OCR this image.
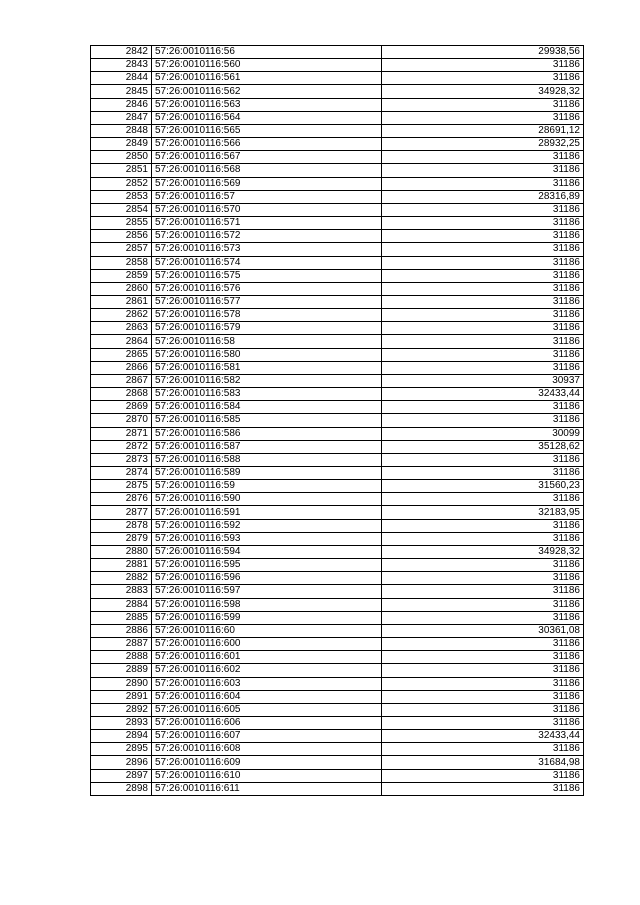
2842	57:26:0010116:56	29938,56
2843	57:26:0010116:560	31186
2844	57:26:0010116:561	31186
2845	57:26:0010116:562	34928,32
2846	57:26:0010116:563	31186
2847	57:26:0010116:564	31186
2848	57:26:0010116:565	28691,12
2849	57:26:0010116:566	28932,25
2850	57:26:0010116:567	31186
2851	57:26:0010116:568	31186
2852	57:26:0010116:569	31186
2853	57:26:0010116:57	28316,89
2854	57:26:0010116:570	31186
2855	57:26:0010116:571	31186
2856	57:26:0010116:572	31186
2857	57:26:0010116:573	31186
2858	57:26:0010116:574	31186
2859	57:26:0010116:575	31186
2860	57:26:0010116:576	31186
2861	57:26:0010116:577	31186
2862	57:26:0010116:578	31186
2863	57:26:0010116:579	31186
2864	57:26:0010116:58	31186
2865	57:26:0010116:580	31186
2866	57:26:0010116:581	31186
2867	57:26:0010116:582	30937
2868	57:26:0010116:583	32433,44
2869	57:26:0010116:584	31186
2870	57:26:0010116:585	31186
2871	57:26:0010116:586	30099
2872	57:26:0010116:587	35128,62
2873	57:26:0010116:588	31186
2874	57:26:0010116:589	31186
2875	57:26:0010116:59	31560,23
2876	57:26:0010116:590	31186
2877	57:26:0010116:591	32183,95
2878	57:26:0010116:592	31186
2879	57:26:0010116:593	31186
2880	57:26:0010116:594	34928,32
2881	57:26:0010116:595	31186
2882	57:26:0010116:596	31186
2883	57:26:0010116:597	31186
2884	57:26:0010116:598	31186
2885	57:26:0010116:599	31186
2886	57:26:0010116:60	30361,08
2887	57:26:0010116:600	31186
2888	57:26:0010116:601	31186
2889	57:26:0010116:602	31186
2890	57:26:0010116:603	31186
2891	57:26:0010116:604	31186
2892	57:26:0010116:605	31186
2893	57:26:0010116:606	31186
2894	57:26:0010116:607	32433,44
2895	57:26:0010116:608	31186
2896	57:26:0010116:609	31684,98
2897	57:26:0010116:610	31186
2898	57:26:0010116:611	31186
